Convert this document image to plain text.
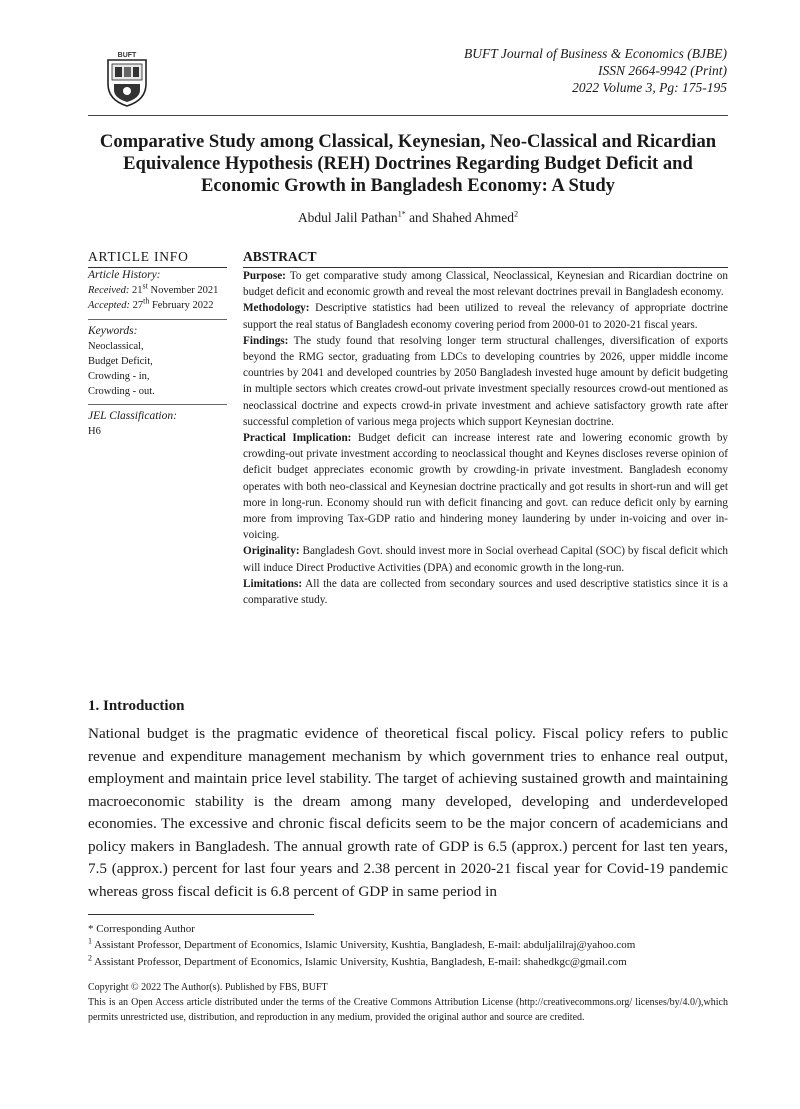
BUFT	BUFT Journal of Business & Economics (BJBE)
ISSN 2664-9942 (Print)
2022 Volume 3, Pg: 175-195
Comparative Study among Classical, Keynesian, Neo-Classical and Ricardian
Equivalence Hypothesis (REH) Doctrines Regarding Budget Deficit and
Economic Growth in Bangladesh Economy: A Study
Abdul Jalil Pathan$^{1*}$ and Shahed Ahmed$^2$
ARTICLE INFO
Article History:
Received: 21st November 2021
Accepted: 27th February 2022
Keywords:
Neoclassical,
Budget Deficit,
Crowding - in,
Crowding - out.
JEL Classification:
H6
ABSTRACT

Purpose: To get comparative study among Classical, Neoclassical, Keynesian and Ricardian doctrine on budget deficit and economic growth and reveal the most relevant doctrines prevail in Bangladesh economy.

Methodology: Descriptive statistics had been utilized to reveal the relevancy of appropriate doctrine support the real status of Bangladesh economy covering period from 2000-01 to 2020-21 fiscal years.

Findings: The study found that resolving longer term structural challenges, diversification of exports beyond the RMG sector, graduating from LDCs to developing countries by 2026, upper middle income countries by 2041 and developed countries by 2050 Bangladesh invested huge amount by deficit budgeting in multiple sectors which creates crowd-out private investment specially resources crowd-out mentioned as neoclassical doctrine and expects crowd-in private investment and achieve satisfactory growth rate after successful completion of various mega projects which support Keynesian doctrine.

Practical Implication: Budget deficit can increase interest rate and lowering economic growth by crowding-out private investment according to neoclassical thought and Keynes discloses reverse opinion of deficit budget appreciates economic growth by crowding-in private investment. Bangladesh economy operates with both neo-classical and Keynesian doctrine practically and got results in short-run and will get more in long-run. Economy should run with deficit financing and govt. can reduce deficit only by earning more from improving Tax-GDP ratio and hindering money laundering by under in-voicing and over in-voicing.

Originality: Bangladesh Govt. should invest more in Social overhead Capital (SOC) by fiscal deficit which will induce Direct Productive Activities (DPA) and economic growth in the long-run.

Limitations: All the data are collected from secondary sources and used descriptive statistics since it is a comparative study.

1. Introduction

National budget is the pragmatic evidence of theoretical fiscal policy. Fiscal policy refers to public revenue and expenditure management mechanism by which government tries to enhance real output, employment and maintain price level stability. The target of achieving sustained growth and maintaining macroeconomic stability is the dream among many developed, developing and underdeveloped economies. The excessive and chronic fiscal deficits seem to be the major concern of academicians and policy makers in Bangladesh. The annual growth rate of GDP is 6.5 (approx.) percent for last ten years, 7.5 (approx.) percent for last four years and 2.38 percent in 2020-21 fiscal year for Covid-19 pandemic whereas gross fiscal deficit is 6.8 percent of GDP in same period in

* Corresponding Author
$^1$ Assistant Professor, Department of Economics, Islamic University, Kushtia, Bangladesh, E-mail: abduljalilraj@yahoo.com
$^2$ Assistant Professor, Department of Economics, Islamic University, Kushtia, Bangladesh, E-mail: shahedkgc@gmail.com

Copyright © 2022 The Author(s). Published by FBS, BUFT

This is an Open Access article distributed under the terms of the Creative Commons Attribution License (http://creativecommons.org/ licenses/by/4.0/),which permits unrestricted use, distribution, and reproduction in any medium, provided the original author and source are credited.
